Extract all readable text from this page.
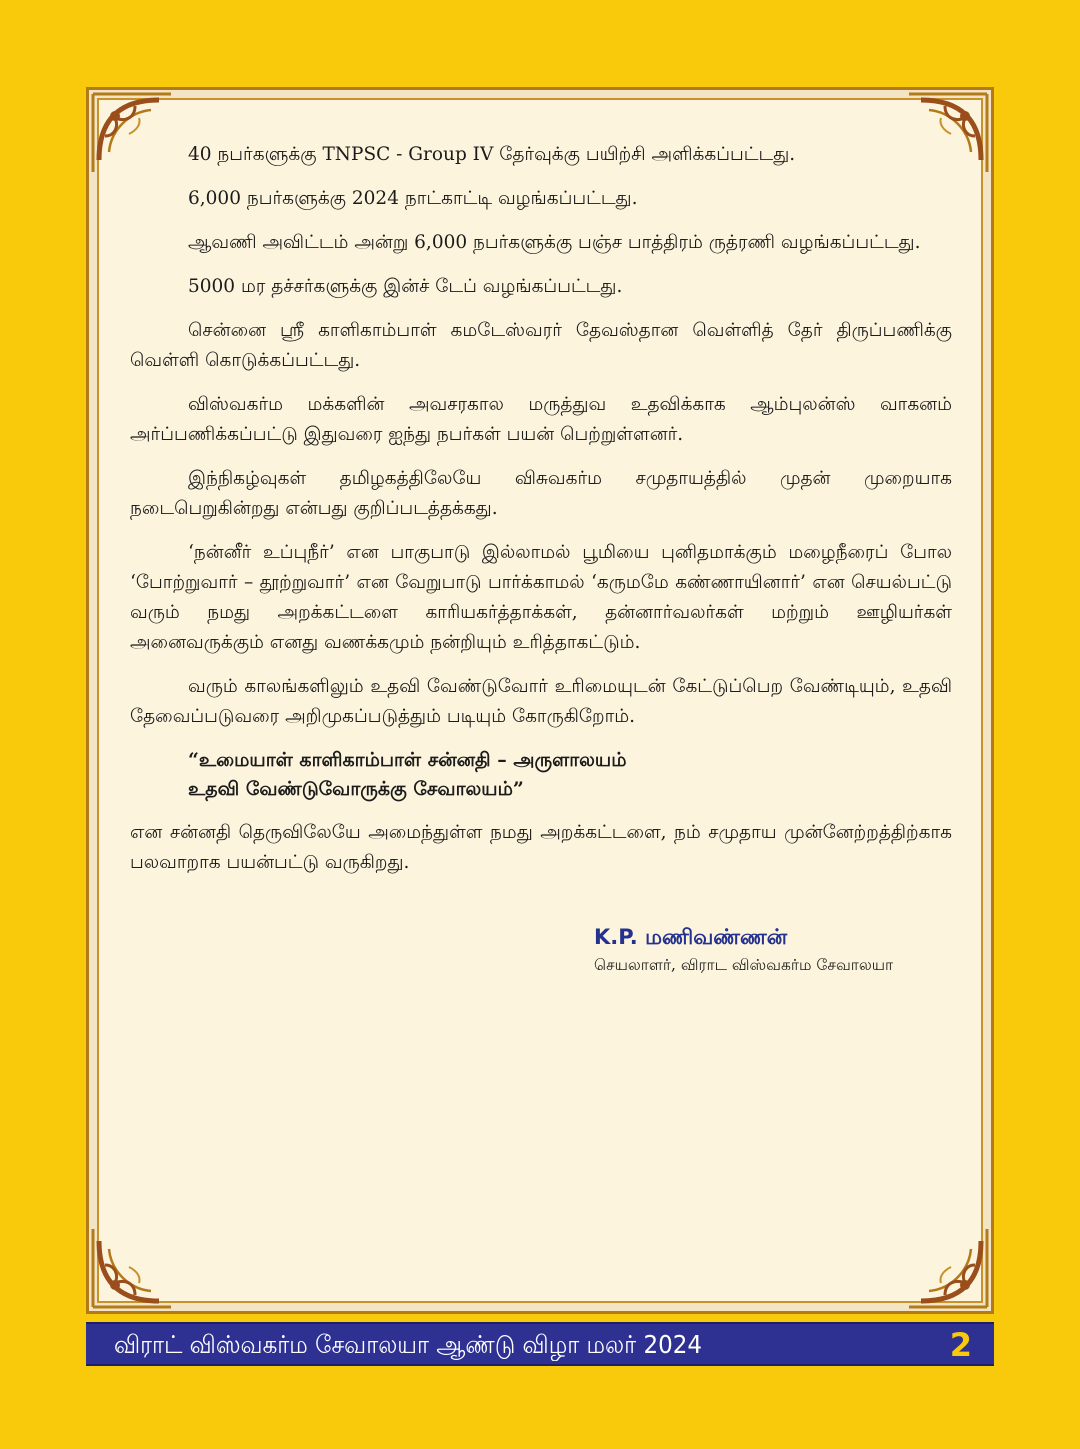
40 நபர்களுக்கு TNPSC - Group IV தேர்வுக்கு பயிற்சி அளிக்கப்பட்டது.

6,000 நபர்களுக்கு 2024 நாட்காட்டி வழங்கப்பட்டது.

ஆவணி அவிட்டம் அன்று 6,000 நபர்களுக்கு பஞ்ச பாத்திரம் ருத்ரணி வழங்கப்பட்டது.

5000 மர தச்சர்களுக்கு இன்ச் டேப் வழங்கப்பட்டது.

சென்னை ஸ்ரீ காளிகாம்பாள் கமடேஸ்வரர் தேவஸ்தான வெள்ளித் தேர் திருப்பணிக்கு வெள்ளி கொடுக்கப்பட்டது.

விஸ்வகர்ம மக்களின் அவசரகால மருத்துவ உதவிக்காக ஆம்புலன்ஸ் வாகனம் அர்ப்பணிக்கப்பட்டு இதுவரை ஐந்து நபர்கள் பயன் பெற்றுள்ளனர்.

இந்நிகழ்வுகள் தமிழகத்திலேயே விசுவகர்ம சமுதாயத்தில் முதன் முறையாக நடைபெறுகின்றது என்பது குறிப்படத்தக்கது.

‘நன்னீர் உப்புநீர்’ என பாகுபாடு இல்லாமல் பூமியை புனிதமாக்கும் மழைநீரைப் போல ‘போற்றுவார் – தூற்றுவார்’ என வேறுபாடு பார்க்காமல் ‘கருமமே கண்ணாயினார்’ என செயல்பட்டு வரும் நமது அறக்கட்டளை காரியகர்த்தாக்கள், தன்னார்வலர்கள் மற்றும் ஊழியர்கள் அனைவருக்கும் எனது வணக்கமும் நன்றியும் உரித்தாகட்டும்.

வரும் காலங்களிலும் உதவி வேண்டுவோர் உரிமையுடன் கேட்டுப்பெற வேண்டியும், உதவி தேவைப்படுவரை அறிமுகப்படுத்தும் படியும் கோருகிறோம்.

“உமையாள் காளிகாம்பாள் சன்னதி – அருளாலயம்
உதவி வேண்டுவோருக்கு சேவாலயம்”

என சன்னதி தெருவிலேயே அமைந்துள்ள நமது அறக்கட்டளை, நம் சமுதாய முன்னேற்றத்திற்காக பலவாறாக பயன்பட்டு வருகிறது.

K.P. மணிவண்ணன்
செயலாளர், விராட விஸ்வகர்ம சேவாலயா
விராட் விஸ்வகர்ம சேவாலயா ஆண்டு விழா மலர் 2024	2
